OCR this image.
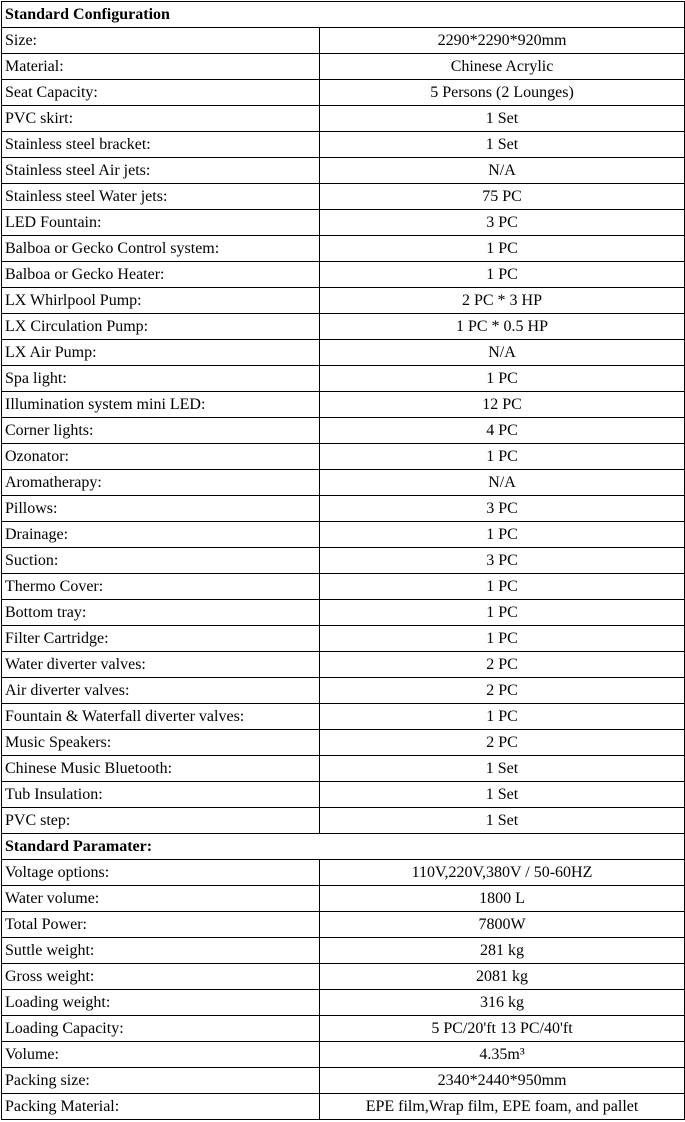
Standard Configuration	
Size:	2290*2290*920mm
Material:	Chinese Acrylic
Seat Capacity:	5 Persons (2 Lounges)
PVC skirt:	1 Set
Stainless steel bracket:	1 Set
Stainless steel Air jets:	N/A
Stainless steel Water jets:	75 PC
LED Fountain:	3 PC
Balboa or Gecko Control system:	1 PC
Balboa or Gecko Heater:	1 PC
LX Whirlpool Pump:	2 PC * 3 HP
LX Circulation Pump:	1 PC * 0.5 HP
LX Air Pump:	N/A
Spa light:	1 PC
Illumination system mini LED:	12 PC
Corner lights:	4 PC
Ozonator:	1 PC
Aromatherapy:	N/A
Pillows:	3 PC
Drainage:	1 PC
Suction:	3 PC
Thermo Cover:	1 PC
Bottom tray:	1 PC
Filter Cartridge:	1 PC
Water diverter valves:	2 PC
Air diverter valves:	2 PC
Fountain & Waterfall diverter valves:	1 PC
Music Speakers:	2 PC
Chinese Music Bluetooth:	1 Set
Tub Insulation:	1 Set
PVC step:	1 Set
Standard Paramater:	
Voltage options:	110V,220V,380V / 50-60HZ
Water volume:	1800 L
Total Power:	7800W
Suttle weight:	281 kg
Gross weight:	2081 kg
Loading weight:	316 kg
Loading Capacity:	5 PC/20'ft 13 PC/40'ft
Volume:	4.35m³
Packing size:	2340*2440*950mm
Packing Material:	EPE film,Wrap film, EPE foam, and pallet
